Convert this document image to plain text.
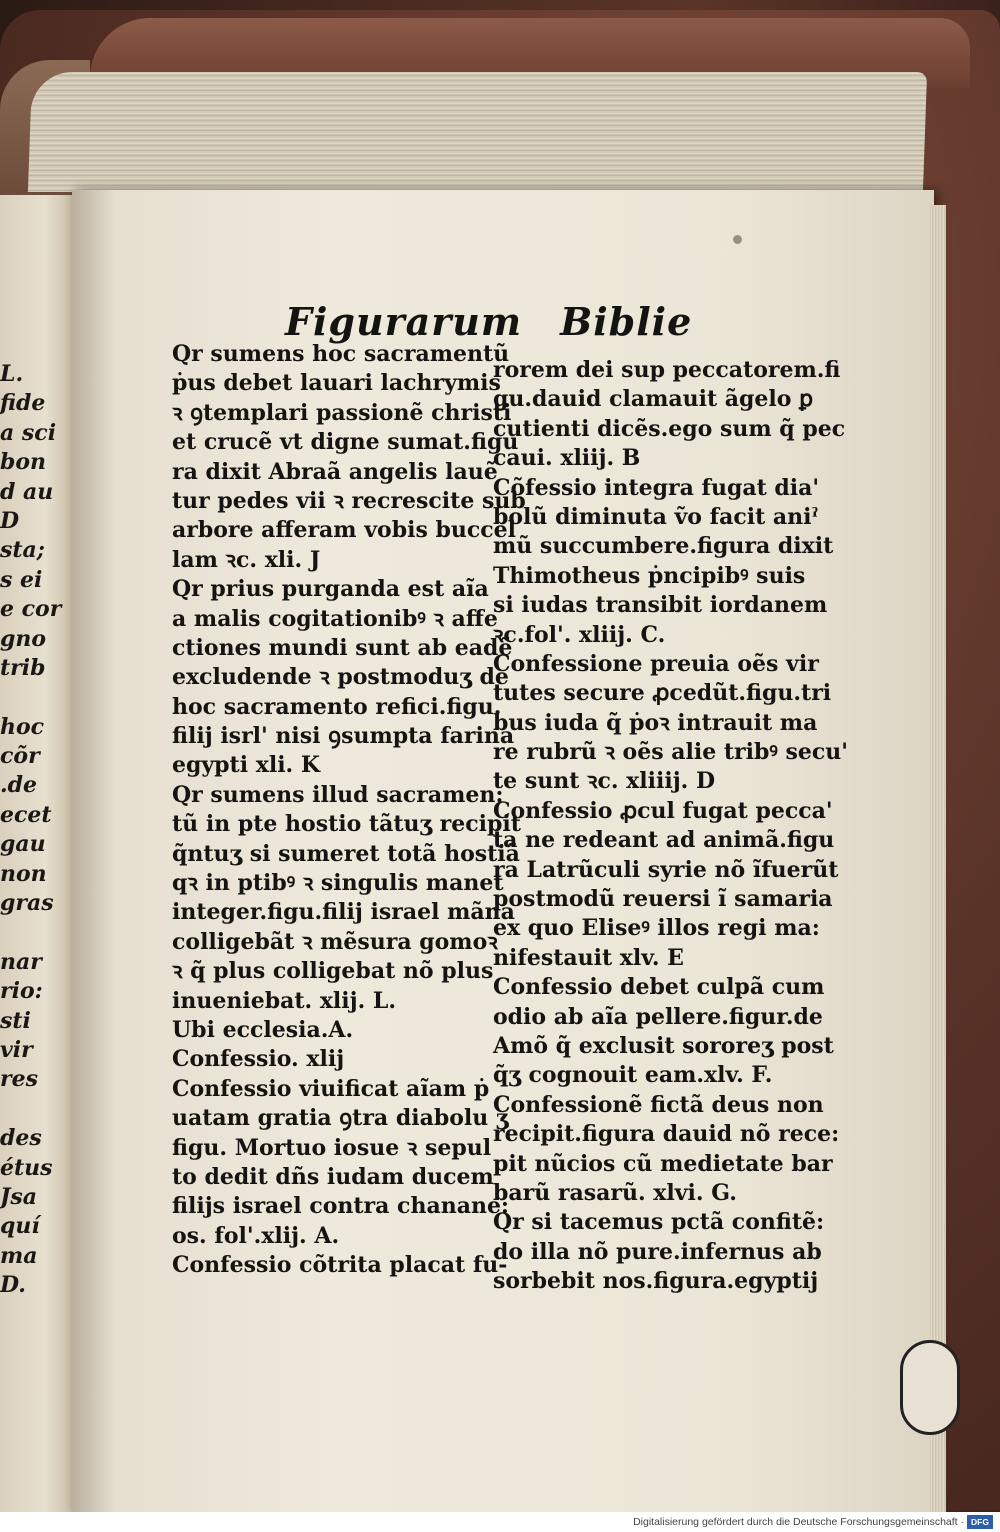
L.
fide
a sci
bon
d au
D
sta;
s ei
e cor
gno
trib
hoc
cõr
.de
ecet
gau
non
gras
nar
rio:
sti
vir
res
des
étus
Jsa
quí
ma
D.
Figurarum Biblie
Qr sumens hoc sacramentũ
ṗus debet lauari lachrymis
ꝛ ꝯtemplari passionẽ christi
et crucẽ vt digne sumat.figu
ra dixit Abraã angelis lauẽ
tur pedes vii ꝛ recrescite sub
arbore afferam vobis buccel
lam ꝛc. xli. J
Qr prius purganda est aĩa
a malis cogitationibꝰ ꝛ affe
ctiones mundi sunt ab eadẽ
excludende ꝛ postmoduʒ de
hoc sacramento refici.figu.
filij isrl' nisi ꝯsumpta farina
egypti xli. K
Qr sumens illud sacramen:
tũ in pte hostio tãtuʒ recipit
q̃ntuʒ si sumeret totã hostiã
qꝛ in ptibꝰ ꝛ singulis manet
integer.figu.filij israel mãna
colligebãt ꝛ mẽsura gomoꝛ
ꝛ q̃ plus colligebat nõ plus
inueniebat. xlij. L.
Ubi ecclesia.A.
Confessio. xlij
Confessio viuificat aĩam ṗ
uatam gratia ꝯtra diabolu ʒ
figu. Mortuo iosue ꝛ sepul
to dedit dñs iudam ducem
filijs israel contra chanane:
os. fol'.xlij. A.
Confessio cõtrita placat fu-
rorem dei sup peccatorem.fi
gu.dauid clamauit ãgelo ꝑ
cutienti dicẽs.ego sum q̃ pec
caui. xliij. B
Cõfessio integra fugat dia'
bolũ diminuta ṽo facit aniˀ
mũ succumbere.figura dixit
Thimotheus ṗncipibꝰ suis
si iudas transibit iordanem
ꝛc.fol'. xliij. C.
Confessione preuia oẽs vir
tutes secure ꝓcedũt.figu.tri
bus iuda q̃ ṗoꝛ intrauit ma
re rubrũ ꝛ oẽs alie tribꝰ secu'
te sunt ꝛc. xliiij. D
Confessio ꝓcul fugat pecca'
ta ne redeant ad animã.figu
ra Latrũculi syrie nõ ĩfuerũt
postmodũ reuersi ĩ samaria
ex quo Eliseꝰ illos regi ma:
nifestauit xlv. E
Confessio debet culpã cum
odio ab aĩa pellere.figur.de
Amõ q̃ exclusit sororeʒ post
q̃ʒ cognouit eam.xlv. F.
Confessionẽ fictã deus non
recipit.figura dauid nõ rece:
pit nũcios cũ medietate bar
barũ rasarũ. xlvi. G.
Qr si tacemus pctã confitẽ:
do illa nõ pure.infernus ab
sorbebit nos.figura.egyptij
Digitalisierung gefördert durch die Deutsche Forschungsgemeinschaft · DFG
